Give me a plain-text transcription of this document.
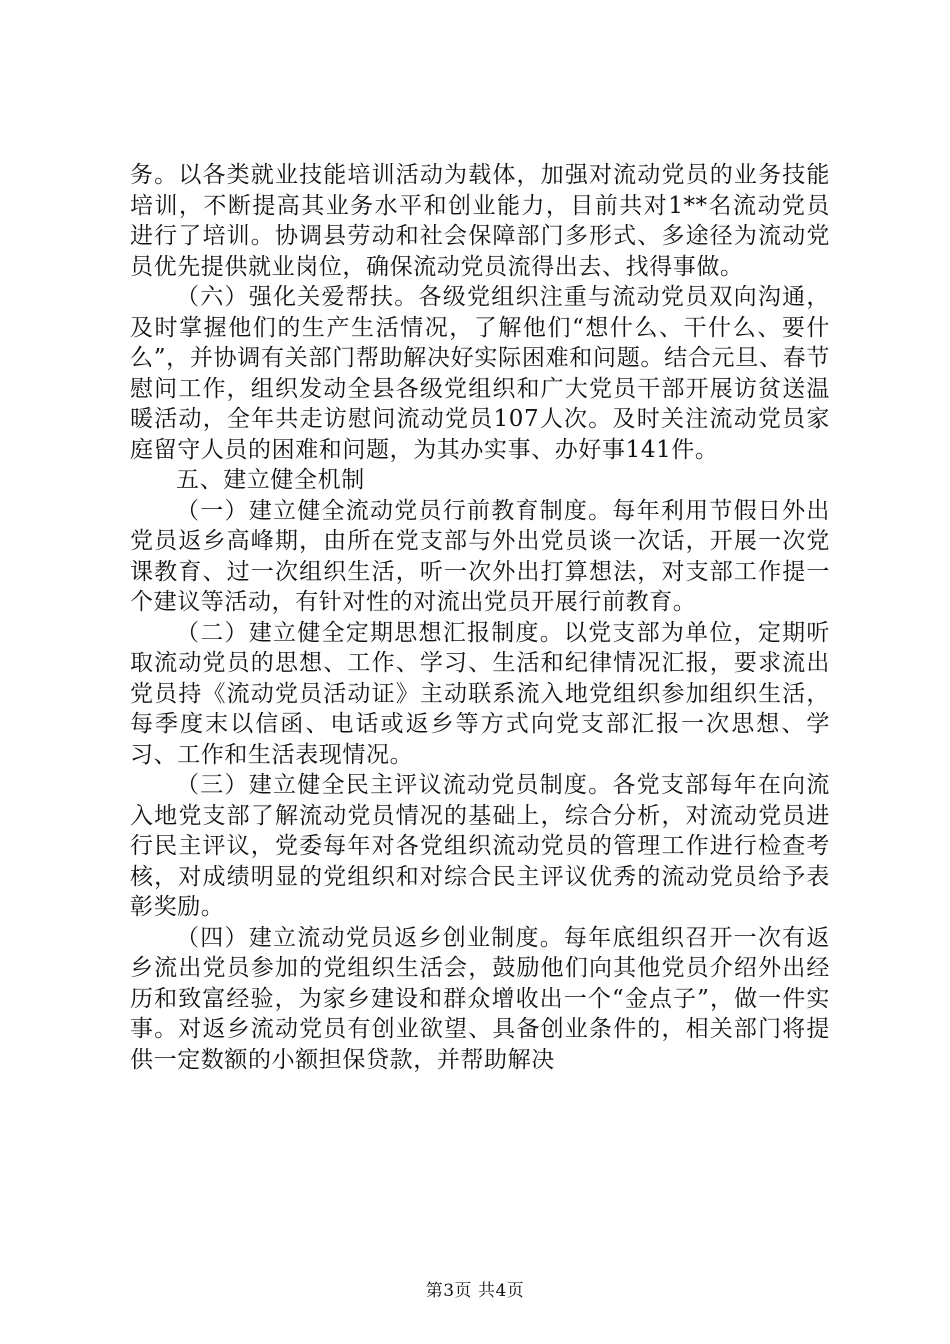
务。以各类就业技能培训活动为载体，加强对流动党员的业务技能培训，不断提高其业务水平和创业能力，目前共对1**名流动党员进行了培训。协调县劳动和社会保障部门多形式、多途径为流动党员优先提供就业岗位，确保流动党员流得出去、找得事做。

（六）强化关爱帮扶。各级党组织注重与流动党员双向沟通，及时掌握他们的生产生活情况，了解他们“想什么、干什么、要什么”，并协调有关部门帮助解决好实际困难和问题。结合元旦、春节慰问工作，组织发动全县各级党组织和广大党员干部开展访贫送温暖活动，全年共走访慰问流动党员107人次。及时关注流动党员家庭留守人员的困难和问题，为其办实事、办好事141件。

五、建立健全机制

（一）建立健全流动党员行前教育制度。每年利用节假日外出党员返乡高峰期，由所在党支部与外出党员谈一次话，开展一次党课教育、过一次组织生活，听一次外出打算想法，对支部工作提一个建议等活动，有针对性的对流出党员开展行前教育。

（二）建立健全定期思想汇报制度。以党支部为单位，定期听取流动党员的思想、工作、学习、生活和纪律情况汇报，要求流出党员持《流动党员活动证》主动联系流入地党组织参加组织生活，每季度末以信函、电话或返乡等方式向党支部汇报一次思想、学习、工作和生活表现情况。

（三）建立健全民主评议流动党员制度。各党支部每年在向流入地党支部了解流动党员情况的基础上，综合分析，对流动党员进行民主评议，党委每年对各党组织流动党员的管理工作进行检查考核，对成绩明显的党组织和对综合民主评议优秀的流动党员给予表彰奖励。

（四）建立流动党员返乡创业制度。每年底组织召开一次有返乡流出党员参加的党组织生活会，鼓励他们向其他党员介绍外出经历和致富经验，为家乡建设和群众增收出一个“金点子”，做一件实事。对返乡流动党员有创业欲望、具备创业条件的，相关部门将提供一定数额的小额担保贷款，并帮助解决

第3页 共4页
